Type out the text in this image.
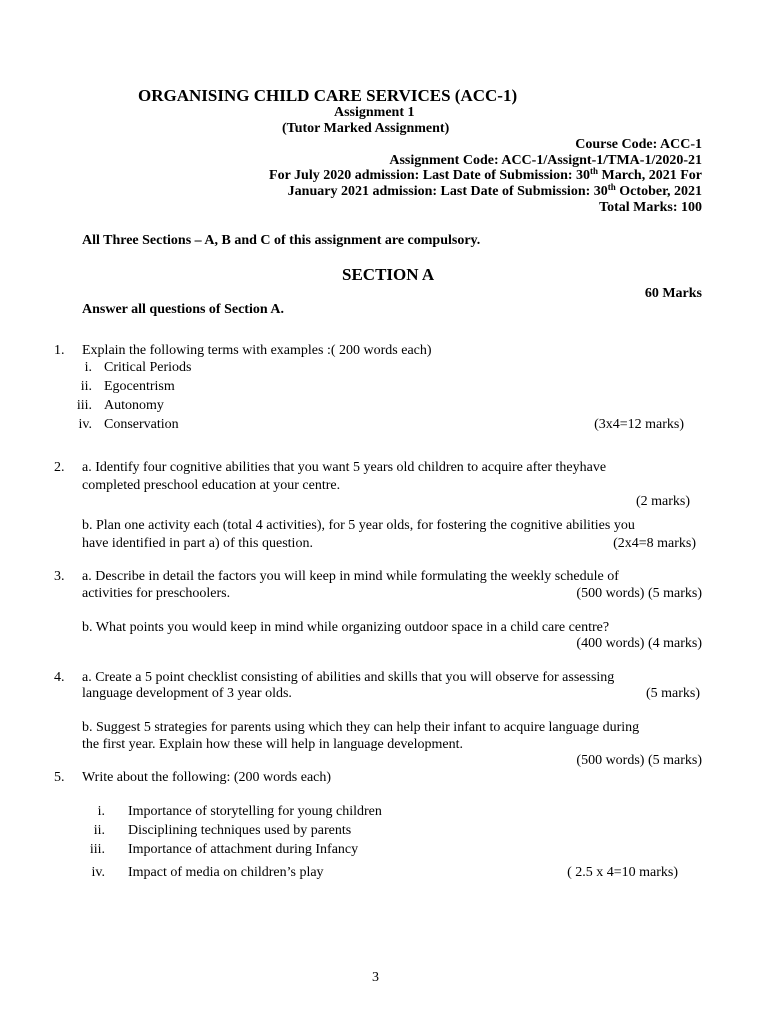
ORGANISING CHILD CARE SERVICES (ACC-1)
Assignment 1
(Tutor Marked Assignment)
Course Code: ACC-1
Assignment Code: ACC-1/Assignt-1/TMA-1/2020-21
For July 2020 admission: Last Date of Submission: 30th March, 2021 For
January 2021 admission: Last Date of Submission: 30th October, 2021
Total Marks: 100
All Three Sections – A, B and C of this assignment are compulsory.
SECTION A
60 Marks
Answer all questions of Section A.
1. Explain the following terms with examples :( 200 words each)
i. Critical Periods
ii. Egocentrism
iii. Autonomy
iv. Conservation	(3x4=12 marks)
2. a. Identify four cognitive abilities that you want 5 years old children to acquire after theyhave
completed preschool education at your centre.
(2 marks)
b. Plan one activity each (total 4 activities), for 5 year olds, for fostering the cognitive abilities you
have identified in part a) of this question.	(2x4=8 marks)
3. a. Describe in detail the factors you will keep in mind while formulating the weekly schedule of
activities for preschoolers.	(500 words) (5 marks)
b. What points you would keep in mind while organizing outdoor space in a child care centre?
(400 words) (4 marks)
4. a. Create a 5 point checklist consisting of abilities and skills that you will observe for assessing
language development of 3 year olds.	(5 marks)
b. Suggest 5 strategies for parents using which they can help their infant to acquire language during
the first year. Explain how these will help in language development.
(500 words) (5 marks)
5. Write about the following: (200 words each)
i. Importance of storytelling for young children
ii. Disciplining techniques used by parents
iii. Importance of attachment during Infancy
iv. Impact of media on children’s play	( 2.5 x 4=10 marks)
3
